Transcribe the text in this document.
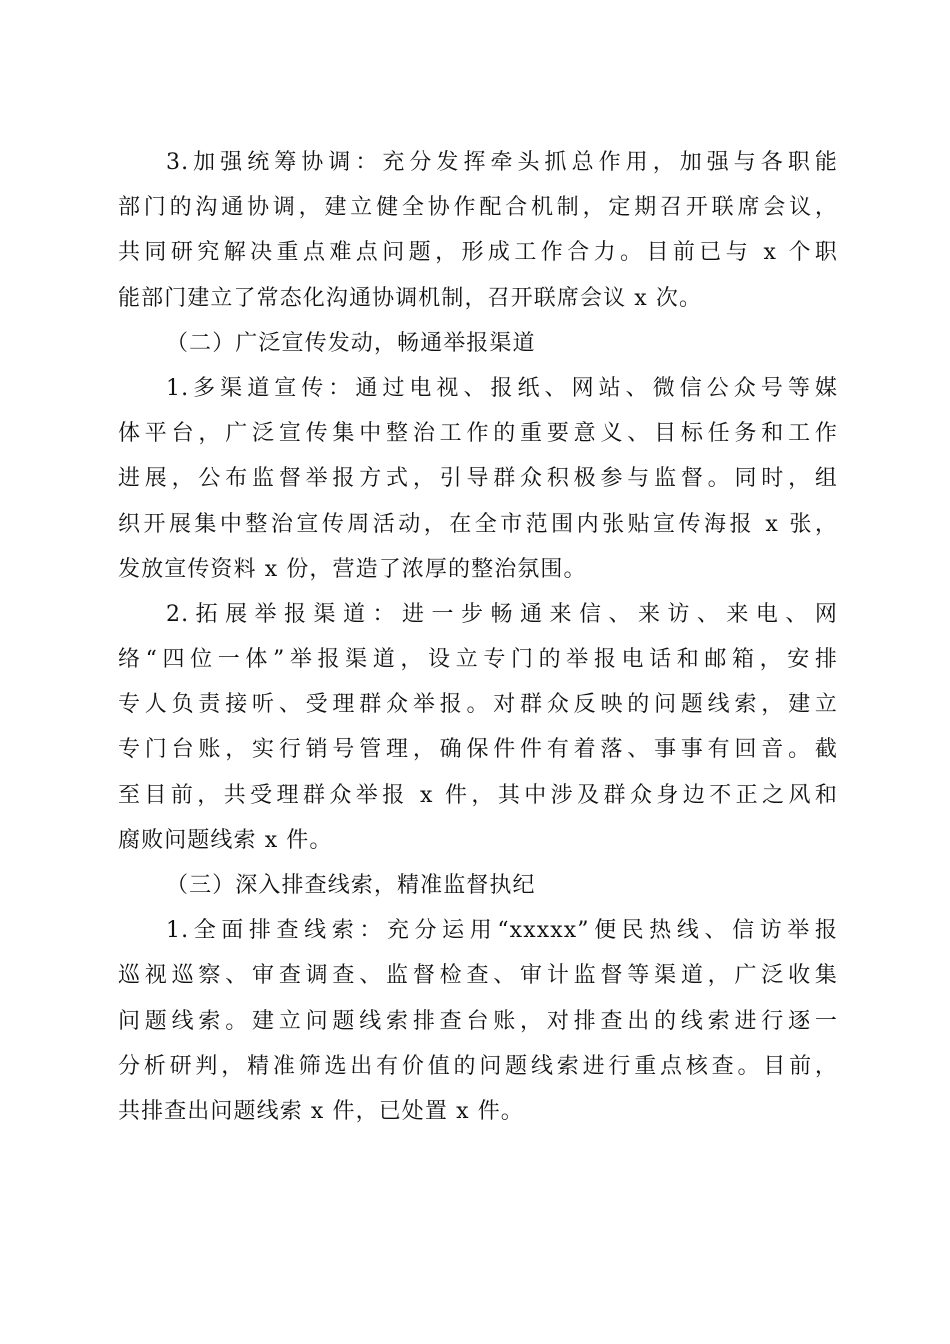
3.加强统筹协调：充分发挥牵头抓总作用，加强与各职能
部门的沟通协调，建立健全协作配合机制，定期召开联席会议，
共同研究解决重点难点问题，形成工作合力。目前已与 x 个职
能部门建立了常态化沟通协调机制，召开联席会议 x 次。
（二）广泛宣传发动，畅通举报渠道
1.多渠道宣传：通过电视、报纸、网站、微信公众号等媒
体平台，广泛宣传集中整治工作的重要意义、目标任务和工作
进展，公布监督举报方式，引导群众积极参与监督。同时，组
织开展集中整治宣传周活动，在全市范围内张贴宣传海报 x 张，
发放宣传资料 x 份，营造了浓厚的整治氛围。
2.拓展举报渠道：进一步畅通来信、来访、来电、网
络“四位一体”举报渠道，设立专门的举报电话和邮箱，安排
专人负责接听、受理群众举报。对群众反映的问题线索，建立
专门台账，实行销号管理，确保件件有着落、事事有回音。截
至目前，共受理群众举报 x 件，其中涉及群众身边不正之风和
腐败问题线索 x 件。
（三）深入排查线索，精准监督执纪
1.全面排查线索：充分运用“xxxxx”便民热线、信访举报
巡视巡察、审查调查、监督检查、审计监督等渠道，广泛收集
问题线索。建立问题线索排查台账，对排查出的线索进行逐一
分析研判，精准筛选出有价值的问题线索进行重点核查。目前，
共排查出问题线索 x 件，已处置 x 件。
